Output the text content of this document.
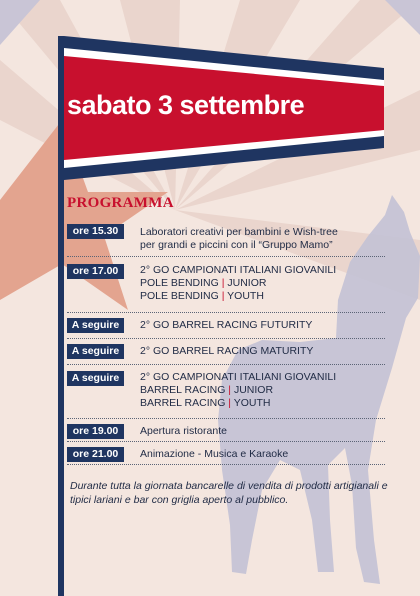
sabato 3 settembre
PROGRAMMA
ore 15.30	Laboratori creativi per bambini e Wish-tree
per grandi e piccini con il “Gruppo Mamo”
ore 17.00	2° GO CAMPIONATI ITALIANI GIOVANILI
POLE BENDING | JUNIOR
POLE BENDING | YOUTH
A seguire	2° GO BARREL RACING FUTURITY
A seguire	2° GO BARREL RACING MATURITY
A seguire	2° GO CAMPIONATI ITALIANI GIOVANILI
BARREL RACING | JUNIOR
BARREL RACING | YOUTH
ore 19.00	Apertura ristorante
ore 21.00	Animazione - Musica e Karaoke

Durante tutta la giornata bancarelle di vendita di prodotti artigianali e tipici lariani e bar con griglia aperto al pubblico.
